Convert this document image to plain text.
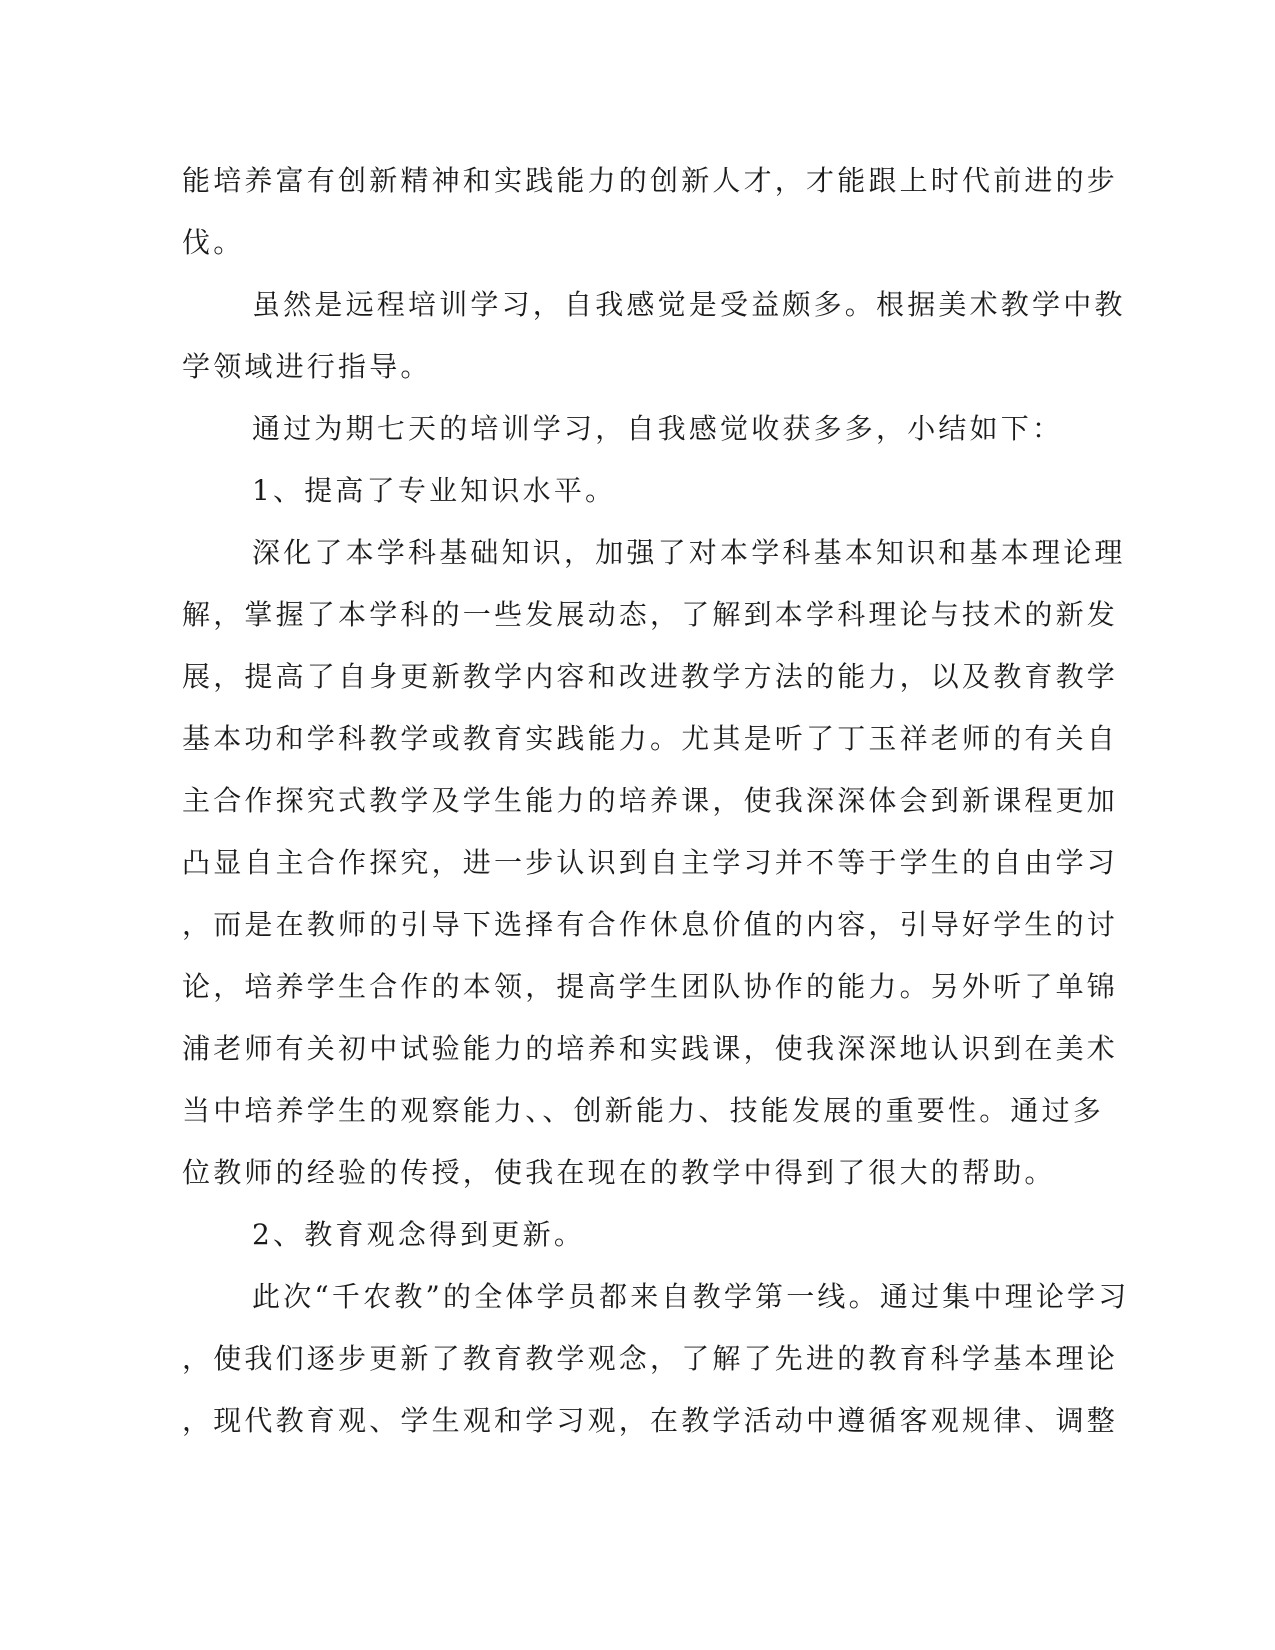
能培养富有创新精神和实践能力的创新人才，才能跟上时代前进的步
伐。
虽然是远程培训学习，自我感觉是受益颇多。根据美术教学中教
学领域进行指导。
通过为期七天的培训学习，自我感觉收获多多，小结如下：
1、提高了专业知识水平。
深化了本学科基础知识，加强了对本学科基本知识和基本理论理
解，掌握了本学科的一些发展动态，了解到本学科理论与技术的新发
展，提高了自身更新教学内容和改进教学方法的能力，以及教育教学
基本功和学科教学或教育实践能力。尤其是听了丁玉祥老师的有关自
主合作探究式教学及学生能力的培养课，使我深深体会到新课程更加
凸显自主合作探究，进一步认识到自主学习并不等于学生的自由学习
，而是在教师的引导下选择有合作休息价值的内容，引导好学生的讨
论，培养学生合作的本领，提高学生团队协作的能力。另外听了单锦
浦老师有关初中试验能力的培养和实践课，使我深深地认识到在美术
当中培养学生的观察能力、、创新能力、技能发展的重要性。通过多
位教师的经验的传授，使我在现在的教学中得到了很大的帮助。
2、教育观念得到更新。
此次“千农教”的全体学员都来自教学第一线。通过集中理论学习
，使我们逐步更新了教育教学观念，了解了先进的教育科学基本理论
，现代教育观、学生观和学习观，在教学活动中遵循客观规律、调整
